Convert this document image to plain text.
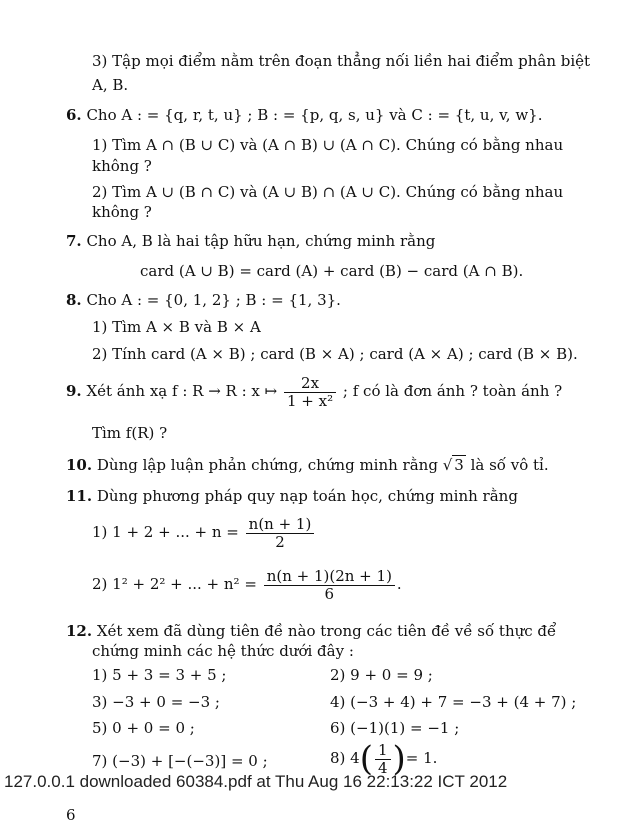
3) Tập mọi điểm nằm trên đoạn thẳng nối liền hai điểm phân biệt
A, B.
6. Cho A : = {q, r, t, u} ; B : = {p, q, s, u} và C : = {t, u, v, w}.
1) Tìm A ∩ (B ∪ C) và (A ∩ B) ∪ (A ∩ C). Chúng có bằng nhau
không ?
2) Tìm A ∪ (B ∩ C) và (A ∪ B) ∩ (A ∪ C). Chúng có bằng nhau
không ?
7. Cho A, B là hai tập hữu hạn, chứng minh rằng
card (A ∪ B) = card (A) + card (B) − card (A ∩ B).
8. Cho A : = {0, 1, 2} ; B : = {1, 3}.
1) Tìm A × B và B × A
2) Tính card (A × B) ; card (B × A) ; card (A × A) ; card (B × B).
9. Xét ánh xạ f : R → R : x ↦ $\frac{2x}{\text{1 + x²}}$ ; f có là đơn ánh ? toàn ánh ?
Tìm f(R) ?
10. Dùng lập luận phản chứng, chứng minh rằng √ 3 là số vô tỉ.
11. Dùng phương pháp quy nạp toán học, chứng minh rằng
1) 1 + 2 + ... + $n = \frac{n(n + 1)}{2}$
2) 1² + 2² + ... + $n^2 = \frac{n(n + 1)(2n + 1)}{6}$ .
12. Xét xem đã dùng tiên đề nào trong các tiên đề về số thực để
chứng minh các hệ thức dưới đây :
1) 5 + 3 = 3 + 5 ;	2) 9 + 0 = 9 ;
3) −3 + 0 = −3 ;	4) (−3 + 4) + 7 = −3 + (4 + 7) ;
5) 0 + 0 = 0 ;	6) (−1)(1) = −1 ;
7) (−3) + [−(−3)] = 0 ;	8) $4( \frac{1}{4}$ )= 1.
127.0.0.1 downloaded 60384.pdf at Thu Aug 16 22:13:22 ICT 2012
6
